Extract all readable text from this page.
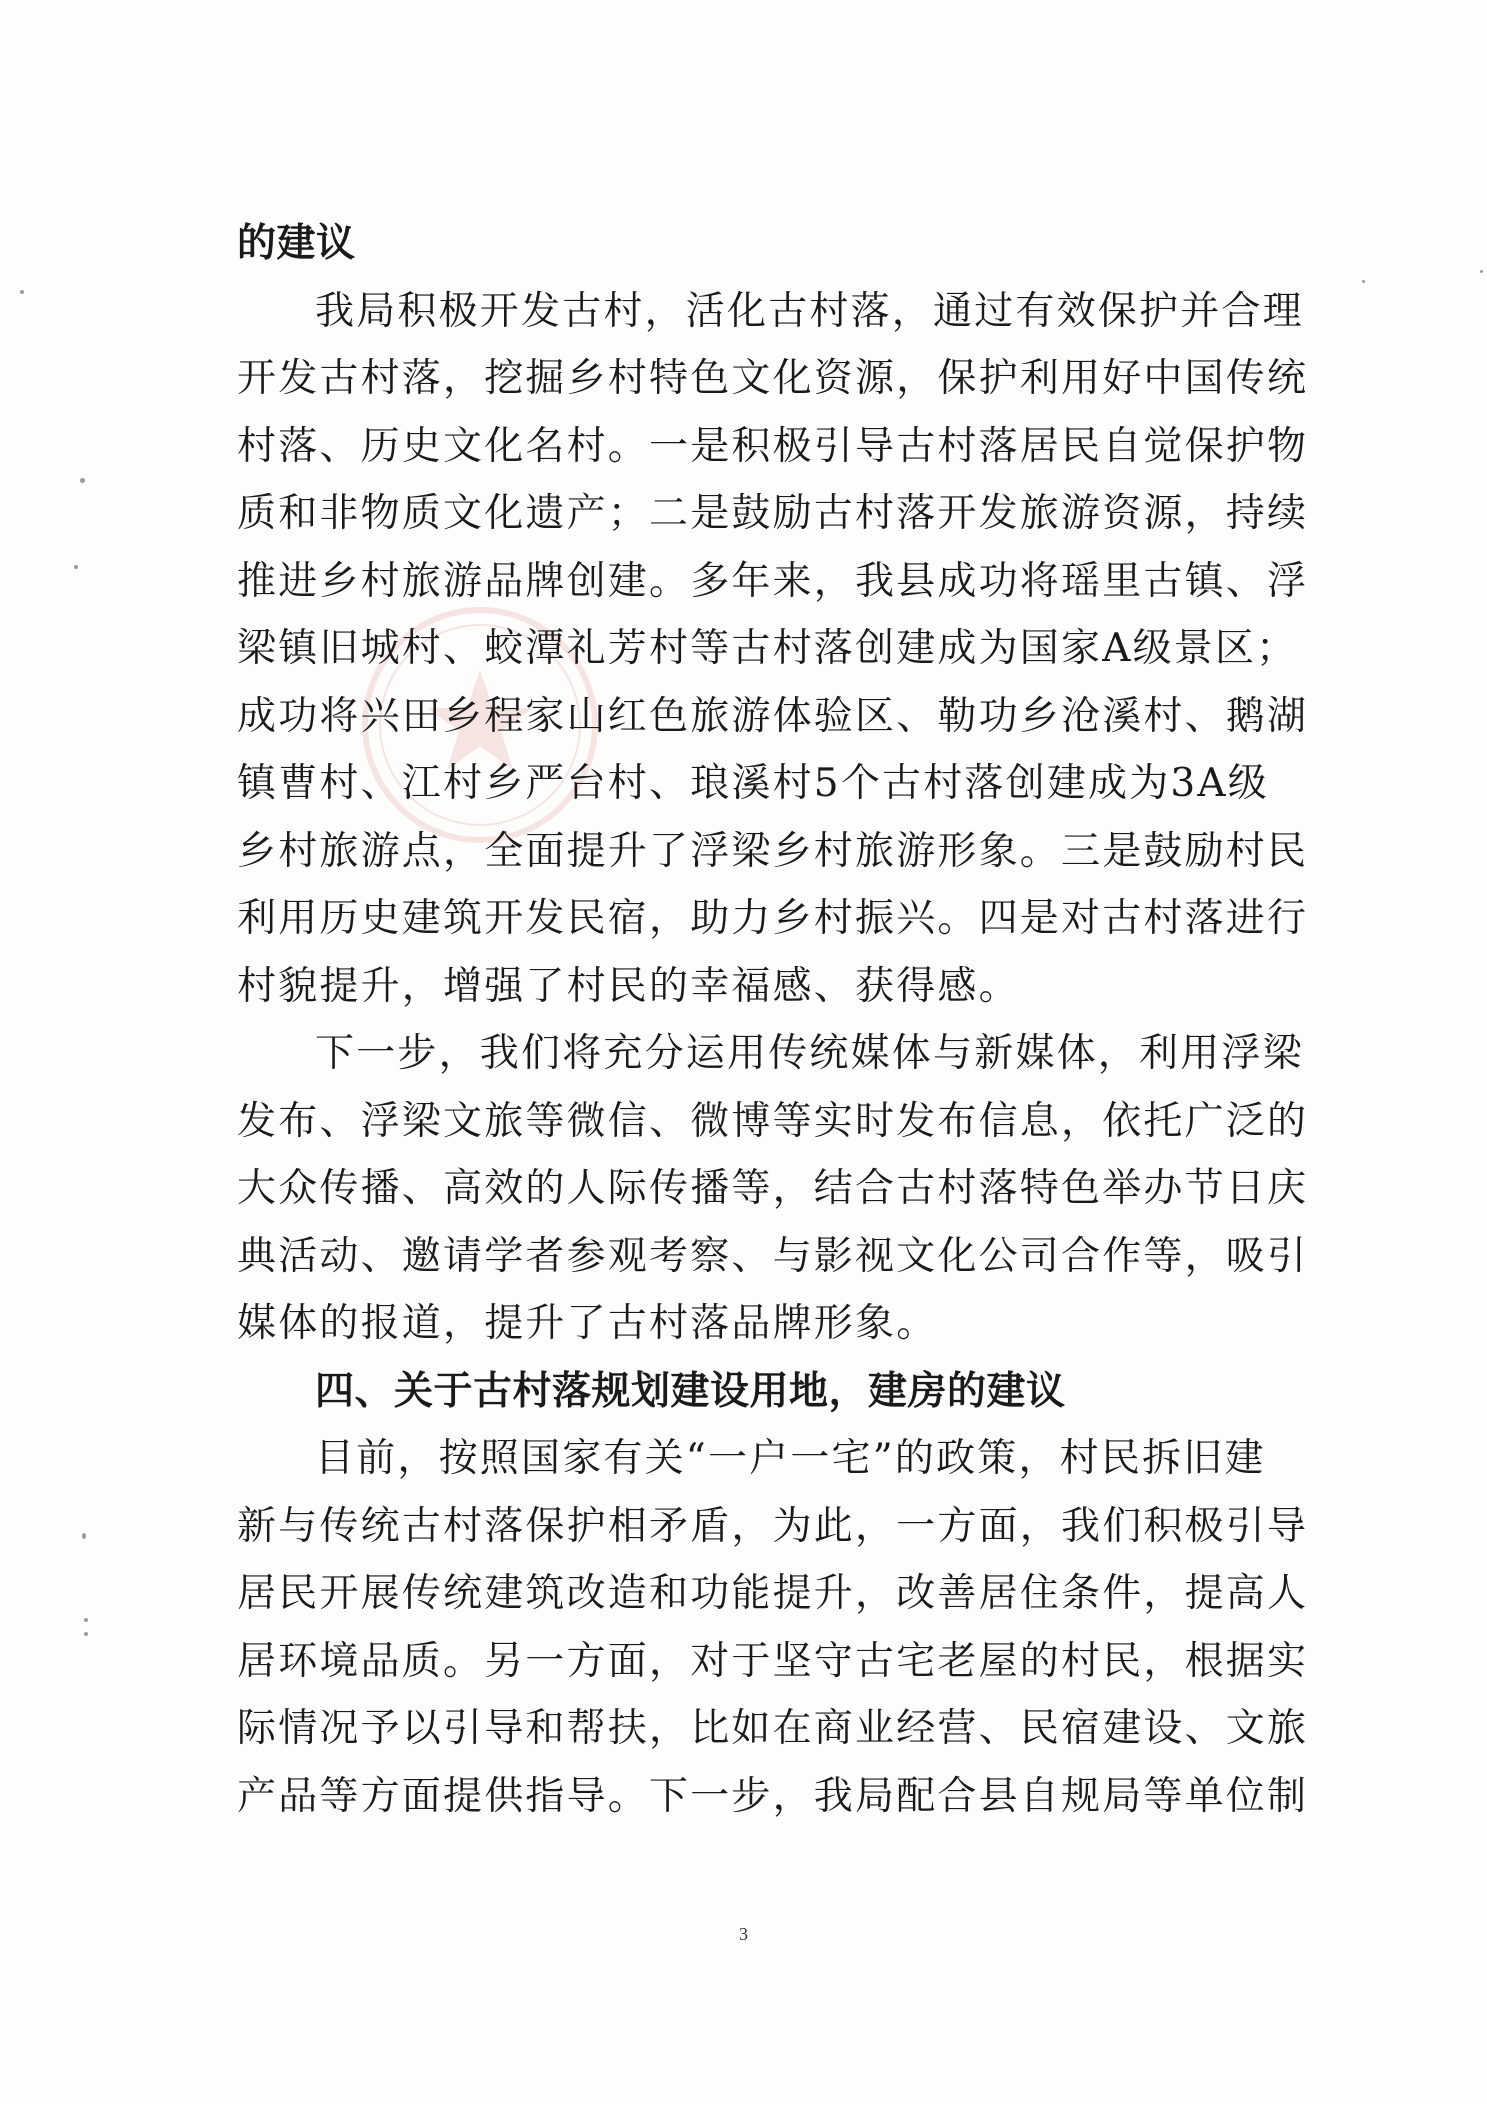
的建议
我局积极开发古村，活化古村落，通过有效保护并合理
开发古村落，挖掘乡村特色文化资源，保护利用好中国传统
村落、历史文化名村。一是积极引导古村落居民自觉保护物
质和非物质文化遗产；二是鼓励古村落开发旅游资源，持续
推进乡村旅游品牌创建。多年来，我县成功将瑶里古镇、浮
梁镇旧城村、蛟潭礼芳村等古村落创建成为国家A级景区；
成功将兴田乡程家山红色旅游体验区、勒功乡沧溪村、鹅湖
镇曹村、江村乡严台村、琅溪村5个古村落创建成为3A级
乡村旅游点，全面提升了浮梁乡村旅游形象。三是鼓励村民
利用历史建筑开发民宿，助力乡村振兴。四是对古村落进行
村貌提升，增强了村民的幸福感、获得感。
下一步，我们将充分运用传统媒体与新媒体，利用浮梁
发布、浮梁文旅等微信、微博等实时发布信息，依托广泛的
大众传播、高效的人际传播等，结合古村落特色举办节日庆
典活动、邀请学者参观考察、与影视文化公司合作等，吸引
媒体的报道，提升了古村落品牌形象。
四、关于古村落规划建设用地，建房的建议
目前，按照国家有关“一户一宅”的政策，村民拆旧建
新与传统古村落保护相矛盾，为此，一方面，我们积极引导
居民开展传统建筑改造和功能提升，改善居住条件，提高人
居环境品质。另一方面，对于坚守古宅老屋的村民，根据实
际情况予以引导和帮扶，比如在商业经营、民宿建设、文旅
产品等方面提供指导。下一步，我局配合县自规局等单位制
3
